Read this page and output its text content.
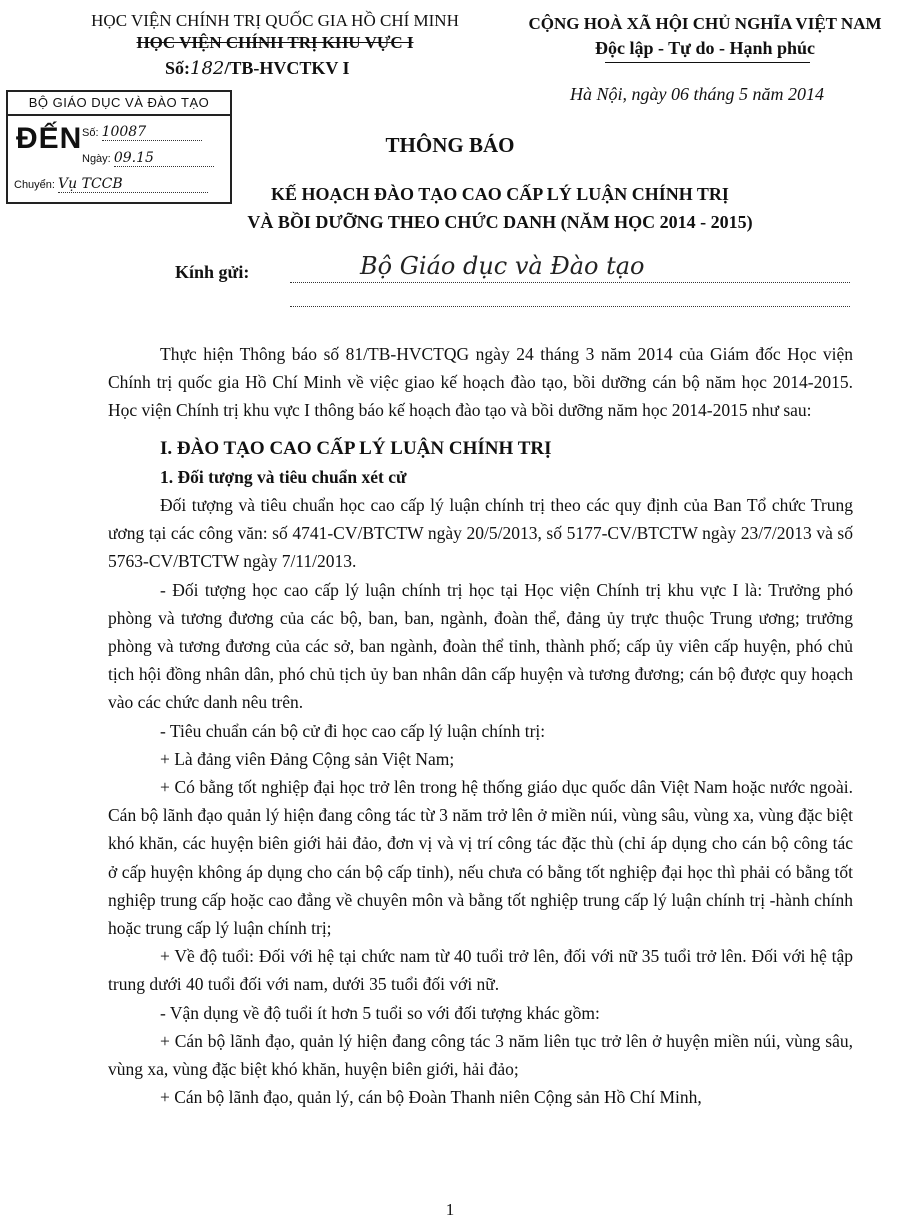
HỌC VIỆN CHÍNH TRỊ QUỐC GIA HỒ CHÍ MINH
HỌC VIỆN CHÍNH TRỊ KHU VỰC I
Số:182/TB-HVCTKV I
CỘNG HOÀ XÃ HỘI CHỦ NGHĨA VIỆT NAM
Độc lập - Tự do - Hạnh phúc
Hà Nội, ngày 06 tháng 5 năm 2014
BỘ GIÁO DỤC VÀ ĐÀO TẠO
ĐẾN Số: 10087
Ngày: 09.15
Chuyển: Vụ TCCB
THÔNG BÁO
KẾ HOẠCH ĐÀO TẠO CAO CẤP LÝ LUẬN CHÍNH TRỊ
VÀ BỒI DƯỠNG THEO CHỨC DANH (NĂM HỌC 2014 - 2015)
Kính gửi:	Bộ Giáo dục và Đào tạo

Thực hiện Thông báo số 81/TB-HVCTQG ngày 24 tháng 3 năm 2014 của Giám đốc Học viện Chính trị quốc gia Hồ Chí Minh về việc giao kế hoạch đào tạo, bồi dưỡng cán bộ năm học 2014-2015. Học viện Chính trị khu vực I thông báo kế hoạch đào tạo và bồi dưỡng năm học 2014-2015 như sau:

I. ĐÀO TẠO CAO CẤP LÝ LUẬN CHÍNH TRỊ

1. Đối tượng và tiêu chuẩn xét cử

Đối tượng và tiêu chuẩn học cao cấp lý luận chính trị theo các quy định của Ban Tổ chức Trung ương tại các công văn: số 4741-CV/BTCTW ngày 20/5/2013, số 5177-CV/BTCTW ngày 23/7/2013 và số 5763-CV/BTCTW ngày 7/11/2013.

- Đối tượng học cao cấp lý luận chính trị học tại Học viện Chính trị khu vực I là: Trưởng phó phòng và tương đương của các bộ, ban, ban, ngành, đoàn thể, đảng ủy trực thuộc Trung ương; trưởng phòng và tương đương của các sở, ban ngành, đoàn thể tỉnh, thành phố; cấp ủy viên cấp huyện, phó chủ tịch hội đồng nhân dân, phó chủ tịch ủy ban nhân dân cấp huyện và tương đương; cán bộ được quy hoạch vào các chức danh nêu trên.

- Tiêu chuẩn cán bộ cử đi học cao cấp lý luận chính trị:

+ Là đảng viên Đảng Cộng sản Việt Nam;

+ Có bằng tốt nghiệp đại học trở lên trong hệ thống giáo dục quốc dân Việt Nam hoặc nước ngoài. Cán bộ lãnh đạo quản lý hiện đang công tác từ 3 năm trở lên ở miền núi, vùng sâu, vùng xa, vùng đặc biệt khó khăn, các huyện biên giới hải đảo, đơn vị và vị trí công tác đặc thù (chỉ áp dụng cho cán bộ công tác ở cấp huyện không áp dụng cho cán bộ cấp tỉnh), nếu chưa có bằng tốt nghiệp đại học thì phải có bằng tốt nghiệp trung cấp hoặc cao đẳng về chuyên môn và bằng tốt nghiệp trung cấp lý luận chính trị -hành chính hoặc trung cấp lý luận chính trị;

+ Về độ tuổi: Đối với hệ tại chức nam từ 40 tuổi trở lên, đối với nữ 35 tuổi trở lên. Đối với hệ tập trung dưới 40 tuổi đối với nam, dưới 35 tuổi đối với nữ.

- Vận dụng về độ tuổi ít hơn 5 tuổi so với đối tượng khác gồm:

+ Cán bộ lãnh đạo, quản lý hiện đang công tác 3 năm liên tục trở lên ở huyện miền núi, vùng sâu, vùng xa, vùng đặc biệt khó khăn, huyện biên giới, hải đảo;

+ Cán bộ lãnh đạo, quản lý, cán bộ Đoàn Thanh niên Cộng sản Hồ Chí Minh,

1
